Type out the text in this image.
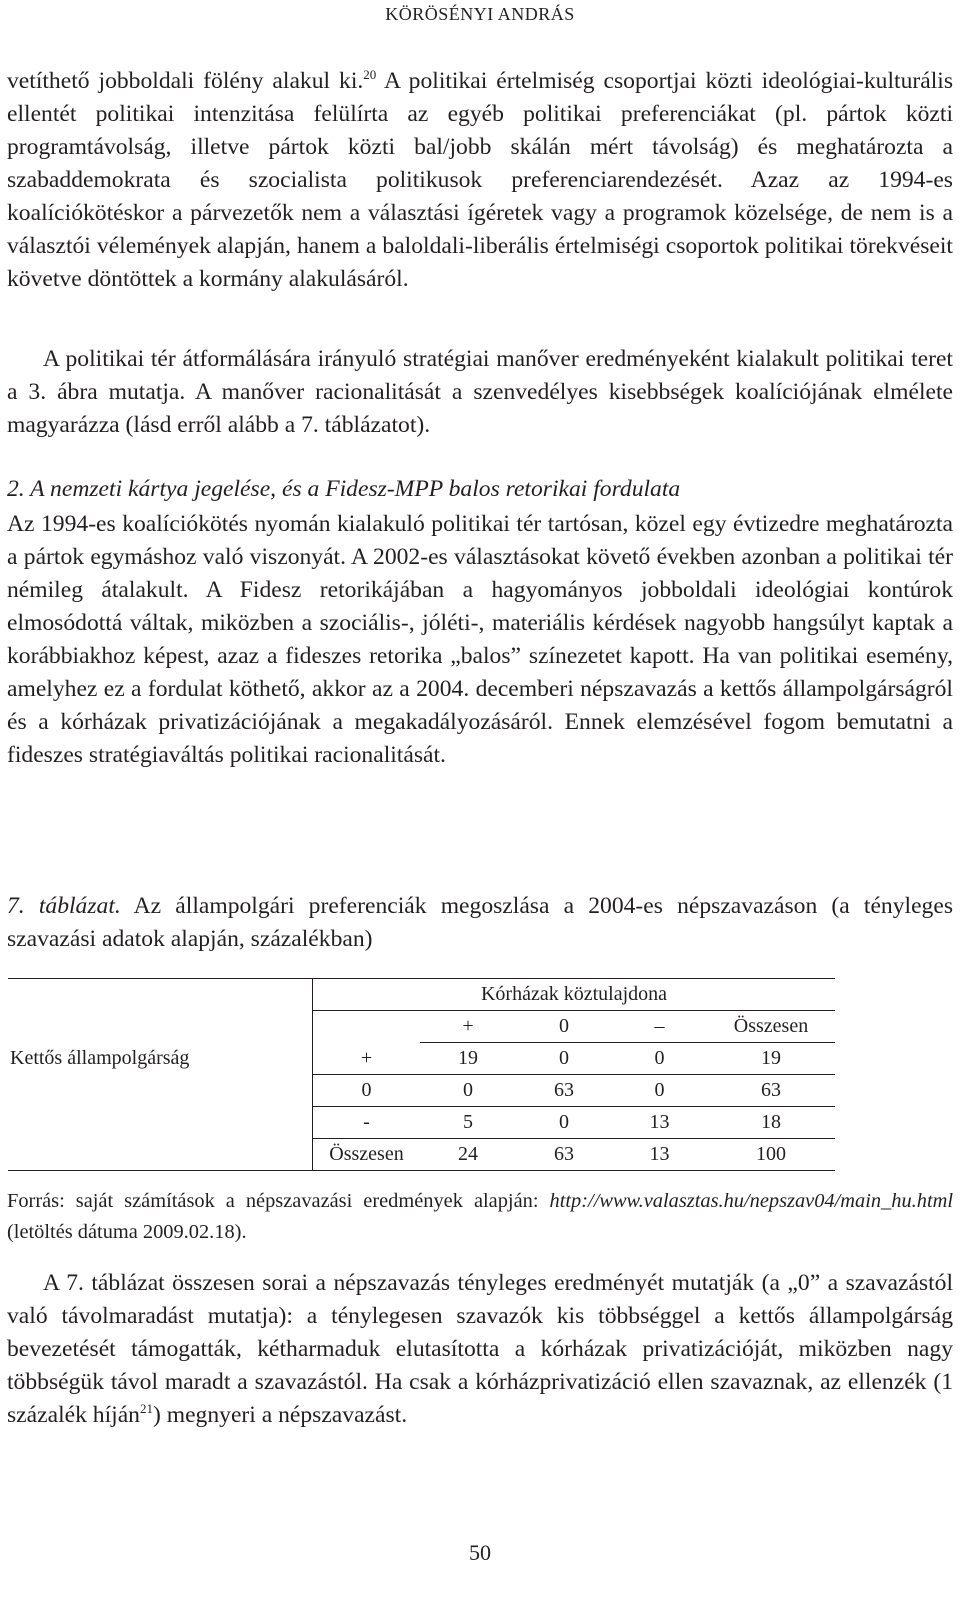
KÖRÖSÉNYI ANDRÁS

vetíthető jobboldali fölény alakul ki.$^{20}$ A politikai értelmiség csoportjai közti ideológiai-kulturális ellentét politikai intenzitása felülírta az egyéb politikai preferenciákat (pl. pártok közti programtávolság, illetve pártok közti bal/jobb skálán mért távolság) és meghatározta a szabaddemokrata és szocialista politikusok preferenciarendezését. Azaz az 1994-es koalíciókötéskor a párvezetők nem a választási ígéretek vagy a programok közelsége, de nem is a választói vélemények alapján, hanem a baloldali-liberális értelmiségi csoportok politikai törekvéseit követve döntöttek a kormány alakulásáról.

A politikai tér átformálására irányuló stratégiai manőver eredményeként kialakult politikai teret a 3. ábra mutatja. A manőver racionalitását a szenvedélyes kisebbségek koalíciójának elmélete magyarázza (lásd erről alább a 7. táblázatot).

2. A nemzeti kártya jegelése, és a Fidesz-MPP balos retorikai fordulata

Az 1994-es koalíciókötés nyomán kialakuló politikai tér tartósan, közel egy évtizedre meghatározta a pártok egymáshoz való viszonyát. A 2002-es választásokat követő években azonban a politikai tér némileg átalakult. A Fidesz retorikájában a hagyományos jobboldali ideológiai kontúrok elmosódottá váltak, miközben a szociális-, jóléti-, materiális kérdések nagyobb hangsúlyt kaptak a korábbiakhoz képest, azaz a fideszes retorika „balos” színezetet kapott. Ha van politikai esemény, amelyhez ez a fordulat köthető, akkor az a 2004. decemberi népszavazás a kettős állampolgárságról és a kórházak privatizációjának a megakadályozásáról. Ennek elemzésével fogom bemutatni a fideszes stratégiaváltás politikai racionalitását.

7. táblázat. Az állampolgári preferenciák megoszlása a 2004-es népszavazáson (a tényleges szavazási adatok alapján, százalékban)

	Kórházak köztulajdona				
		+	0	–	Összesen
Kettős állampolgárság	+	19	0	0	19
	0	0	63	0	63
	-	5	0	13	18
	Összesen	24	63	13	100

Forrás: saját számítások a népszavazási eredmények alapján: http://www.valasztas.hu/nepszav04/main_hu.html (letöltés dátuma 2009.02.18).

A 7. táblázat összesen sorai a népszavazás tényleges eredményét mutatják (a „0” a szavazástól való távolmaradást mutatja): a ténylegesen szavazók kis többséggel a kettős állampolgárság bevezetését támogatták, kétharmaduk elutasította a kórházak privatizációját, miközben nagy többségük távol maradt a szavazástól. Ha csak a kórházprivatizáció ellen szavaznak, az ellenzék (1 százalék híján$^{21}$) megnyeri a népszavazást.

50
